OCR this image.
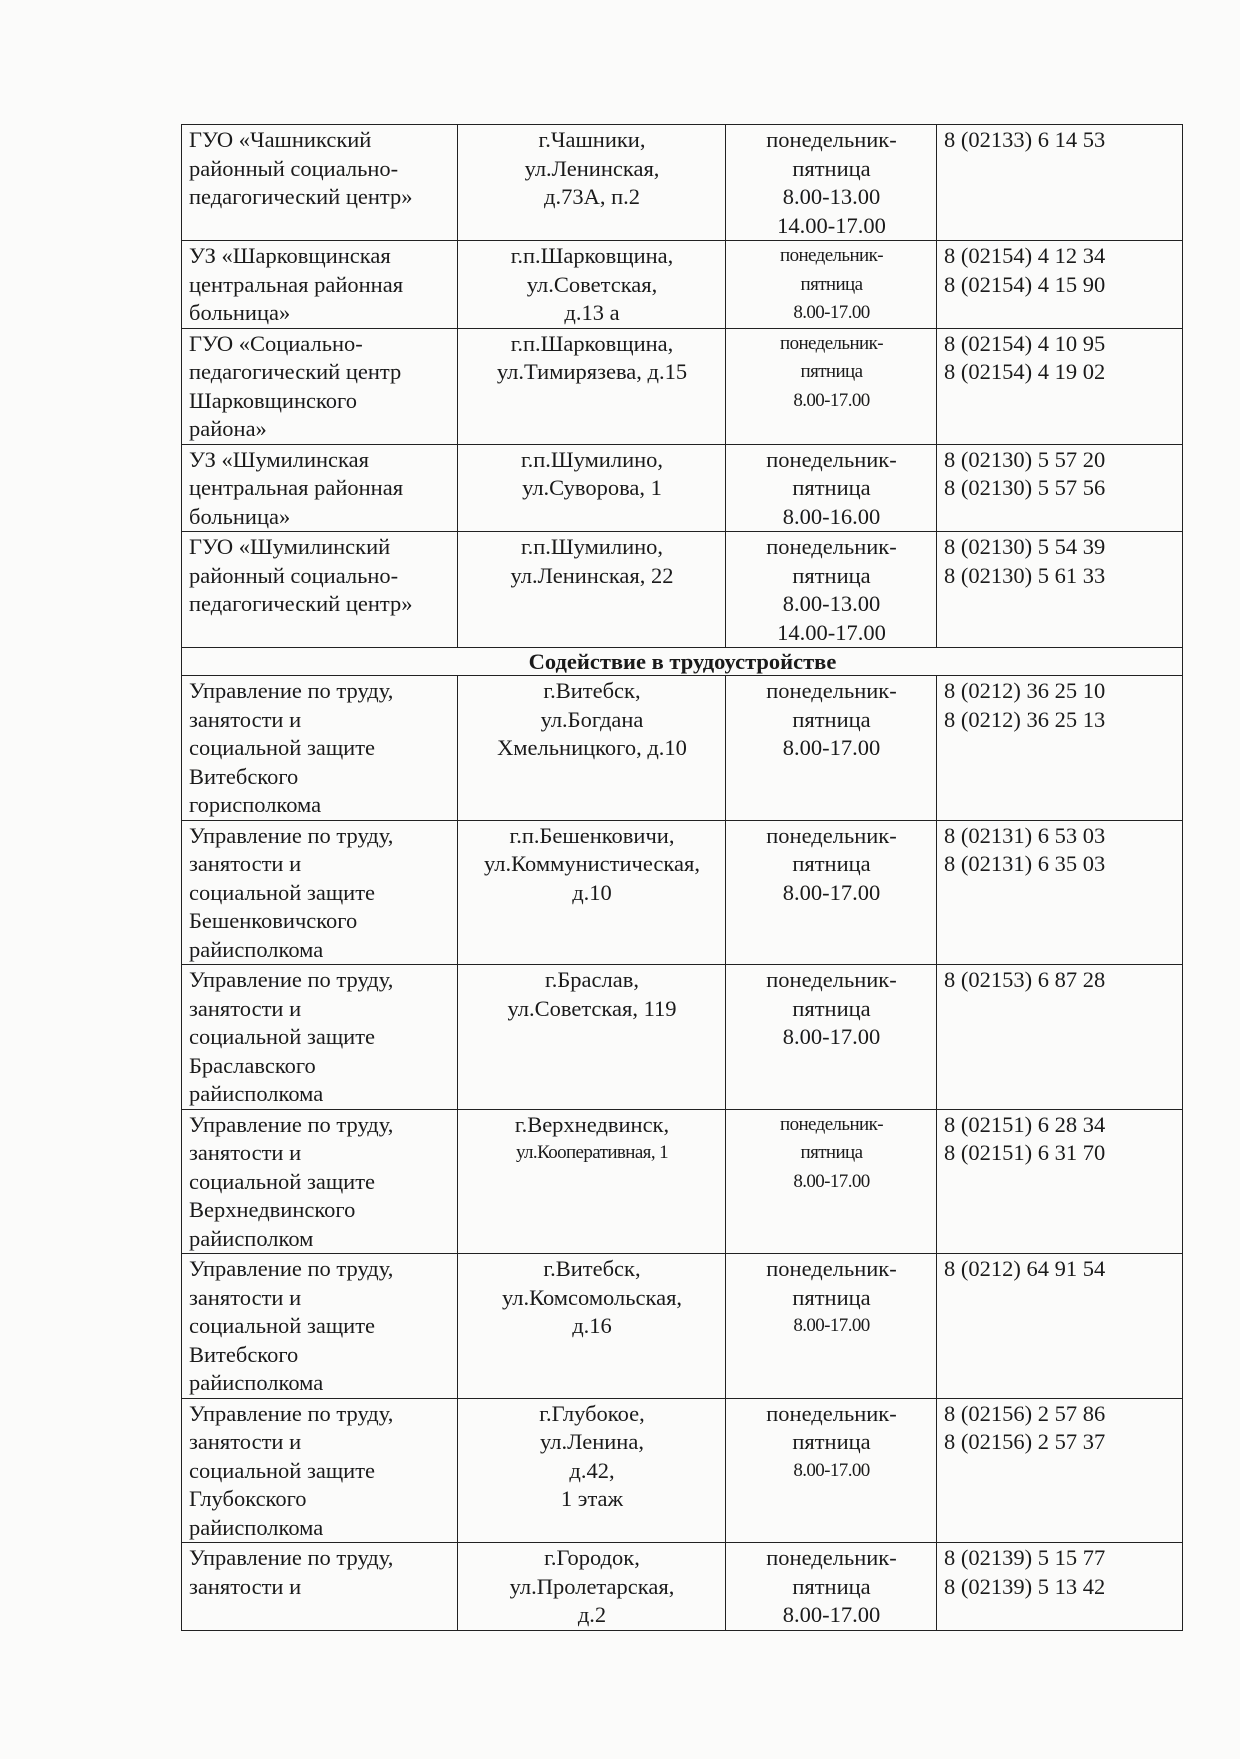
ГУО «Чашникский
районный социально-
педагогический центр»	г.Чашники,
ул.Ленинская,
д.73А, п.2	понедельник-
пятница
8.00-13.00
14.00-17.00	8 (02133) 6 14 53

УЗ «Шарковщинская
центральная районная
больница»	г.п.Шарковщина,
ул.Советская,
д.13 а	понедельник-
пятница
8.00-17.00	8 (02154) 4 12 34
8 (02154) 4 15 90

ГУО «Социально-
педагогический центр
Шарковщинского
района»	г.п.Шарковщина,
ул.Тимирязева, д.15	понедельник-
пятница
8.00-17.00	8 (02154) 4 10 95
8 (02154) 4 19 02

УЗ «Шумилинская
центральная районная
больница»	г.п.Шумилино,
ул.Суворова, 1	понедельник-
пятница
8.00-16.00	8 (02130) 5 57 20
8 (02130) 5 57 56

ГУО «Шумилинский
районный социально-
педагогический центр»	г.п.Шумилино,
ул.Ленинская, 22	понедельник-
пятница
8.00-13.00
14.00-17.00	8 (02130) 5 54 39
8 (02130) 5 61 33

Содействие в трудоустройстве			

Управление по труду,
занятости и
социальной защите
Витебского
горисполкома	г.Витебск,
ул.Богдана
Хмельницкого, д.10	понедельник-
пятница
8.00-17.00	8 (0212) 36 25 10
8 (0212) 36 25 13

Управление по труду,
занятости и
социальной защите
Бешенковичского
райисполкома	г.п.Бешенковичи,
ул.Коммунистическая,
д.10	понедельник-
пятница
8.00-17.00	8 (02131) 6 53 03
8 (02131) 6 35 03

Управление по труду,
занятости и
социальной защите
Браславского
райисполкома	г.Браслав,
ул.Советская, 119	понедельник-
пятница
8.00-17.00	8 (02153) 6 87 28

Управление по труду,
занятости и
социальной защите
Верхнедвинского
райисполком	г.Верхнедвинск,
ул.Кооперативная, 1	понедельник-
пятница
8.00-17.00	8 (02151) 6 28 34
8 (02151) 6 31 70

Управление по труду,
занятости и
социальной защите
Витебского
райисполкома	г.Витебск,
ул.Комсомольская,
д.16	понедельник-
пятница
8.00-17.00	8 (0212) 64 91 54

Управление по труду,
занятости и
социальной защите
Глубокского
райисполкома	г.Глубокое,
ул.Ленина,
д.42,
1 этаж	понедельник-
пятница
8.00-17.00	8 (02156) 2 57 86
8 (02156) 2 57 37

Управление по труду,
занятости и	г.Городок,
ул.Пролетарская,
д.2	понедельник-
пятница
8.00-17.00	8 (02139) 5 15 77
8 (02139) 5 13 42
